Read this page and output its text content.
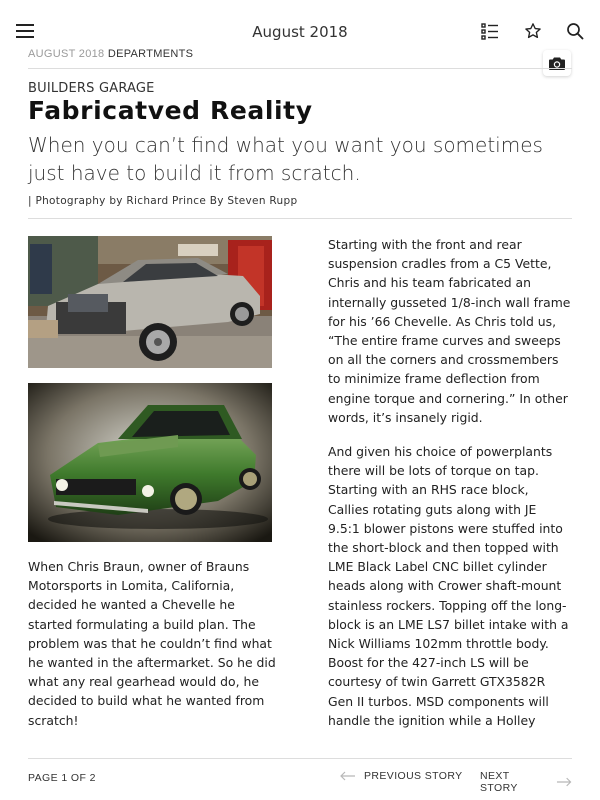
August 2018
AUGUST 2018 DEPARTMENTS
BUILDERS GARAGE
Fabricatved Reality
When you can’t find what you want you sometimes just have to build it from scratch.
| Photography by Richard Prince By Steven Rupp
When Chris Braun, owner of Brauns Motorsports in Lomita, California, decided he wanted a Chevelle he started formulating a build plan. The problem was that he couldn’t find what he wanted in the aftermarket. So he did what any real gearhead would do, he decided to build what he wanted from scratch!

Starting with the front and rear suspension cradles from a C5 Vette, Chris and his team fabricated an internally gusseted 1/8-inch wall frame for his ’66 Chevelle. As Chris told us, “The entire frame curves and sweeps on all the corners and crossmembers to minimize frame deflection from engine torque and cornering.” In other words, it’s insanely rigid.

And given his choice of powerplants there will be lots of torque on tap. Starting with an RHS race block, Callies rotating guts along with JE 9.5:1 blower pistons were stuffed into the short-block and then topped with LME Black Label CNC billet cylinder heads along with Crower shaft-mount stainless rockers. Topping off the long-block is an LME LS7 billet intake with a Nick Williams 102mm throttle body. Boost for the 427-inch LS will be courtesy of twin Garrett GTX3582R Gen II turbos. MSD components will handle the ignition while a Holley

PAGE 1 OF 2	PREVIOUS STORY NEXT STORY
